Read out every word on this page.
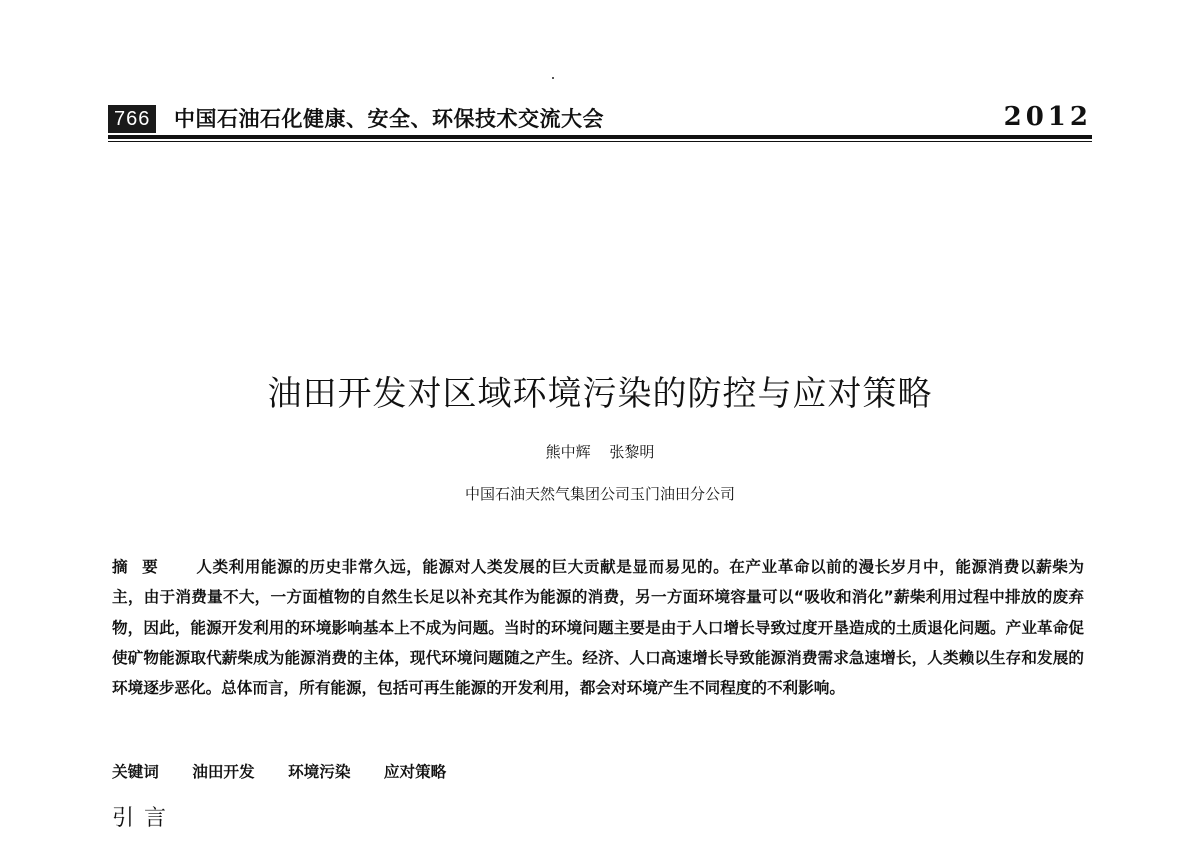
766 中国石油石化健康、安全、环保技术交流大会	2012
油田开发对区域环境污染的防控与应对策略
熊中辉 张黎明
中国石油天然气集团公司玉门油田分公司
摘要 人类利用能源的历史非常久远，能源对人类发展的巨大贡献是显而易见的。在产业革命以前的漫长岁月中，能源消费以薪柴为主，由于消费量不大，一方面植物的自然生长足以补充其作为能源的消费，另一方面环境容量可以“吸收和消化”薪柴利用过程中排放的废弃物，因此，能源开发利用的环境影响基本上不成为问题。当时的环境问题主要是由于人口增长导致过度开垦造成的土质退化问题。产业革命促使矿物能源取代薪柴成为能源消费的主体，现代环境问题随之产生。经济、人口高速增长导致能源消费需求急速增长，人类赖以生存和发展的环境逐步恶化。总体而言，所有能源，包括可再生能源的开发利用，都会对环境产生不同程度的不利影响。
关键词 油田开发 环境污染 应对策略
引言
